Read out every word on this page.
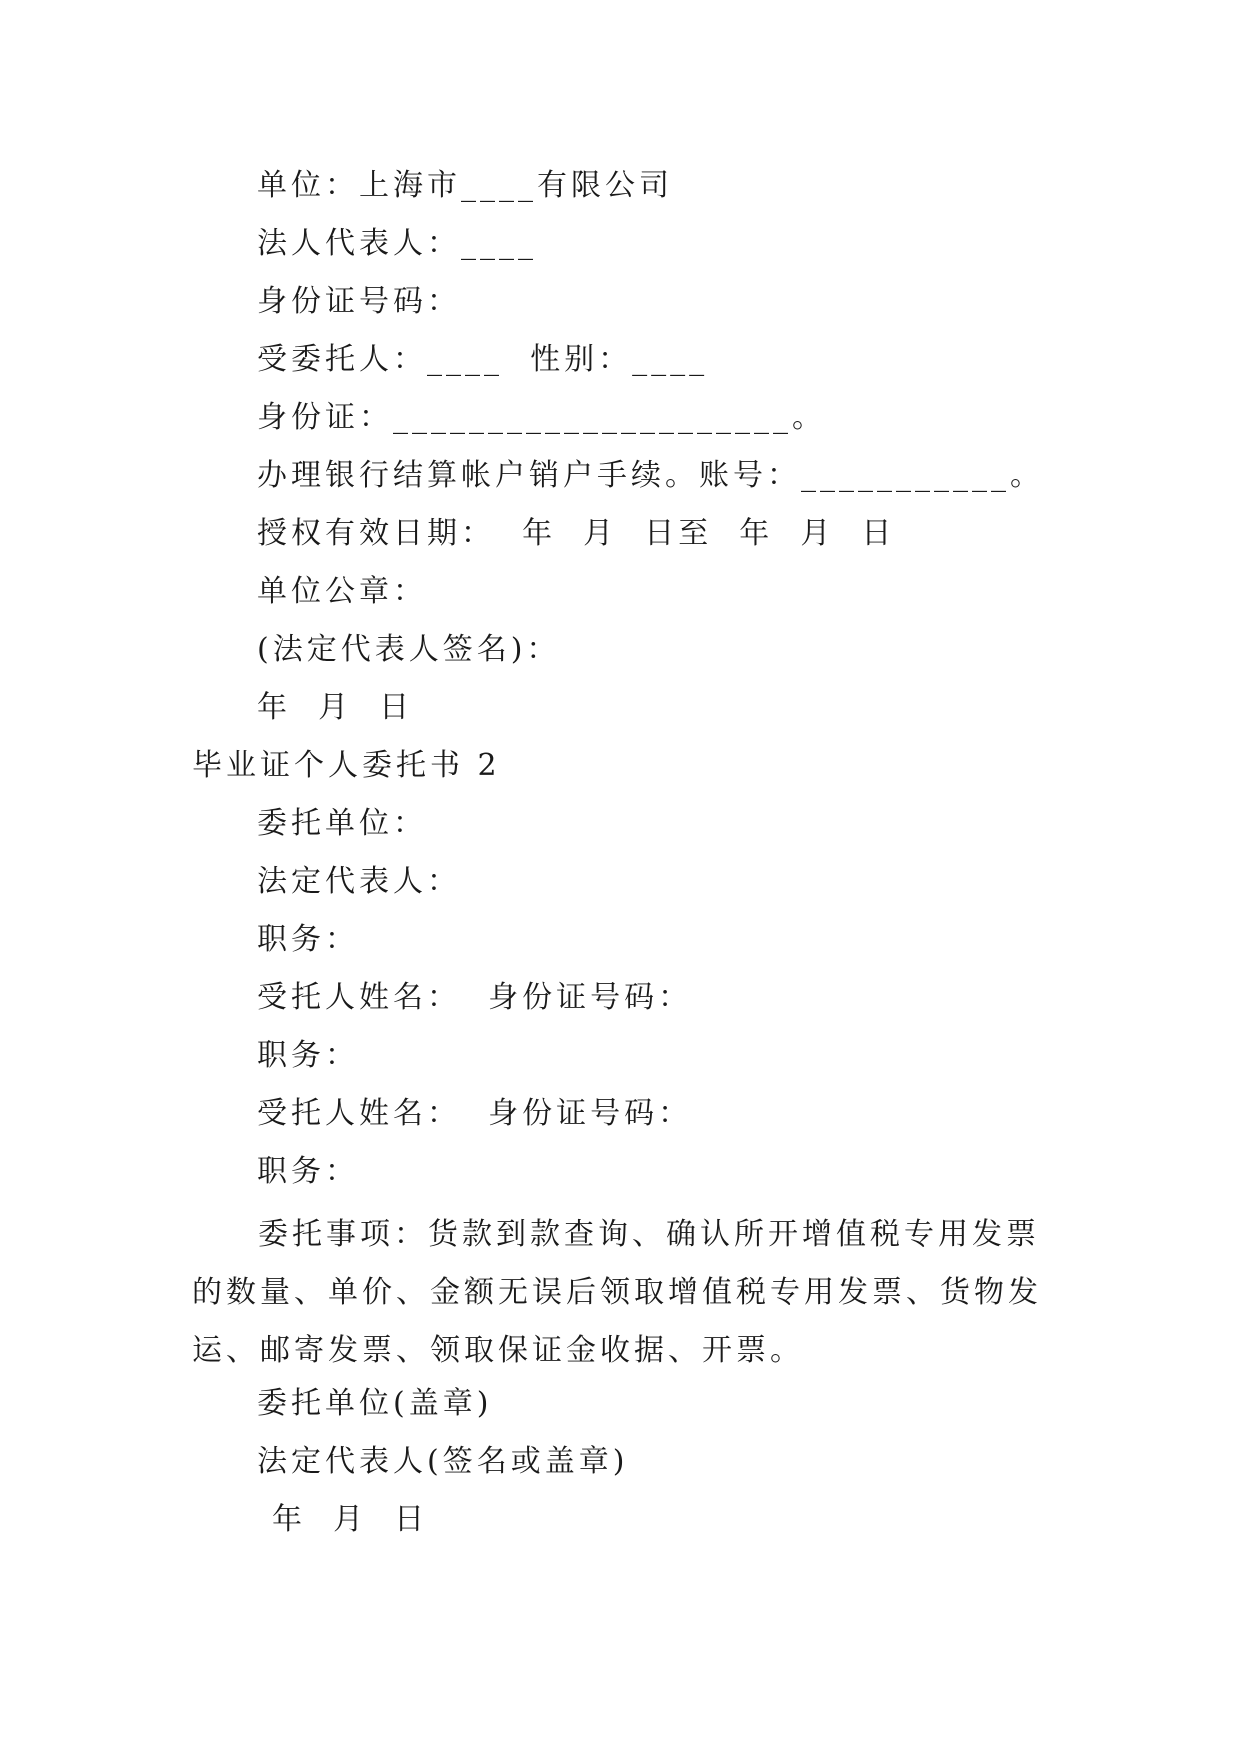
单位：上海市____有限公司
法人代表人：____
身份证号码：
受委托人：____  性别：____
身份证：_____________________。
办理银行结算帐户销户手续。账号：___________。
授权有效日期：  年  月  日至  年  月  日
单位公章：
(法定代表人签名)：
年  月  日
毕业证个人委托书 2
委托单位：
法定代表人：
职务：
受托人姓名：  身份证号码：
职务：
受托人姓名：  身份证号码：
职务：
委托事项：货款到款查询、确认所开增值税专用发票的数量、单价、金额无误后领取增值税专用发票、货物发运、邮寄发票、领取保证金收据、开票。
委托单位(盖章)
法定代表人(签名或盖章)
年  月  日
